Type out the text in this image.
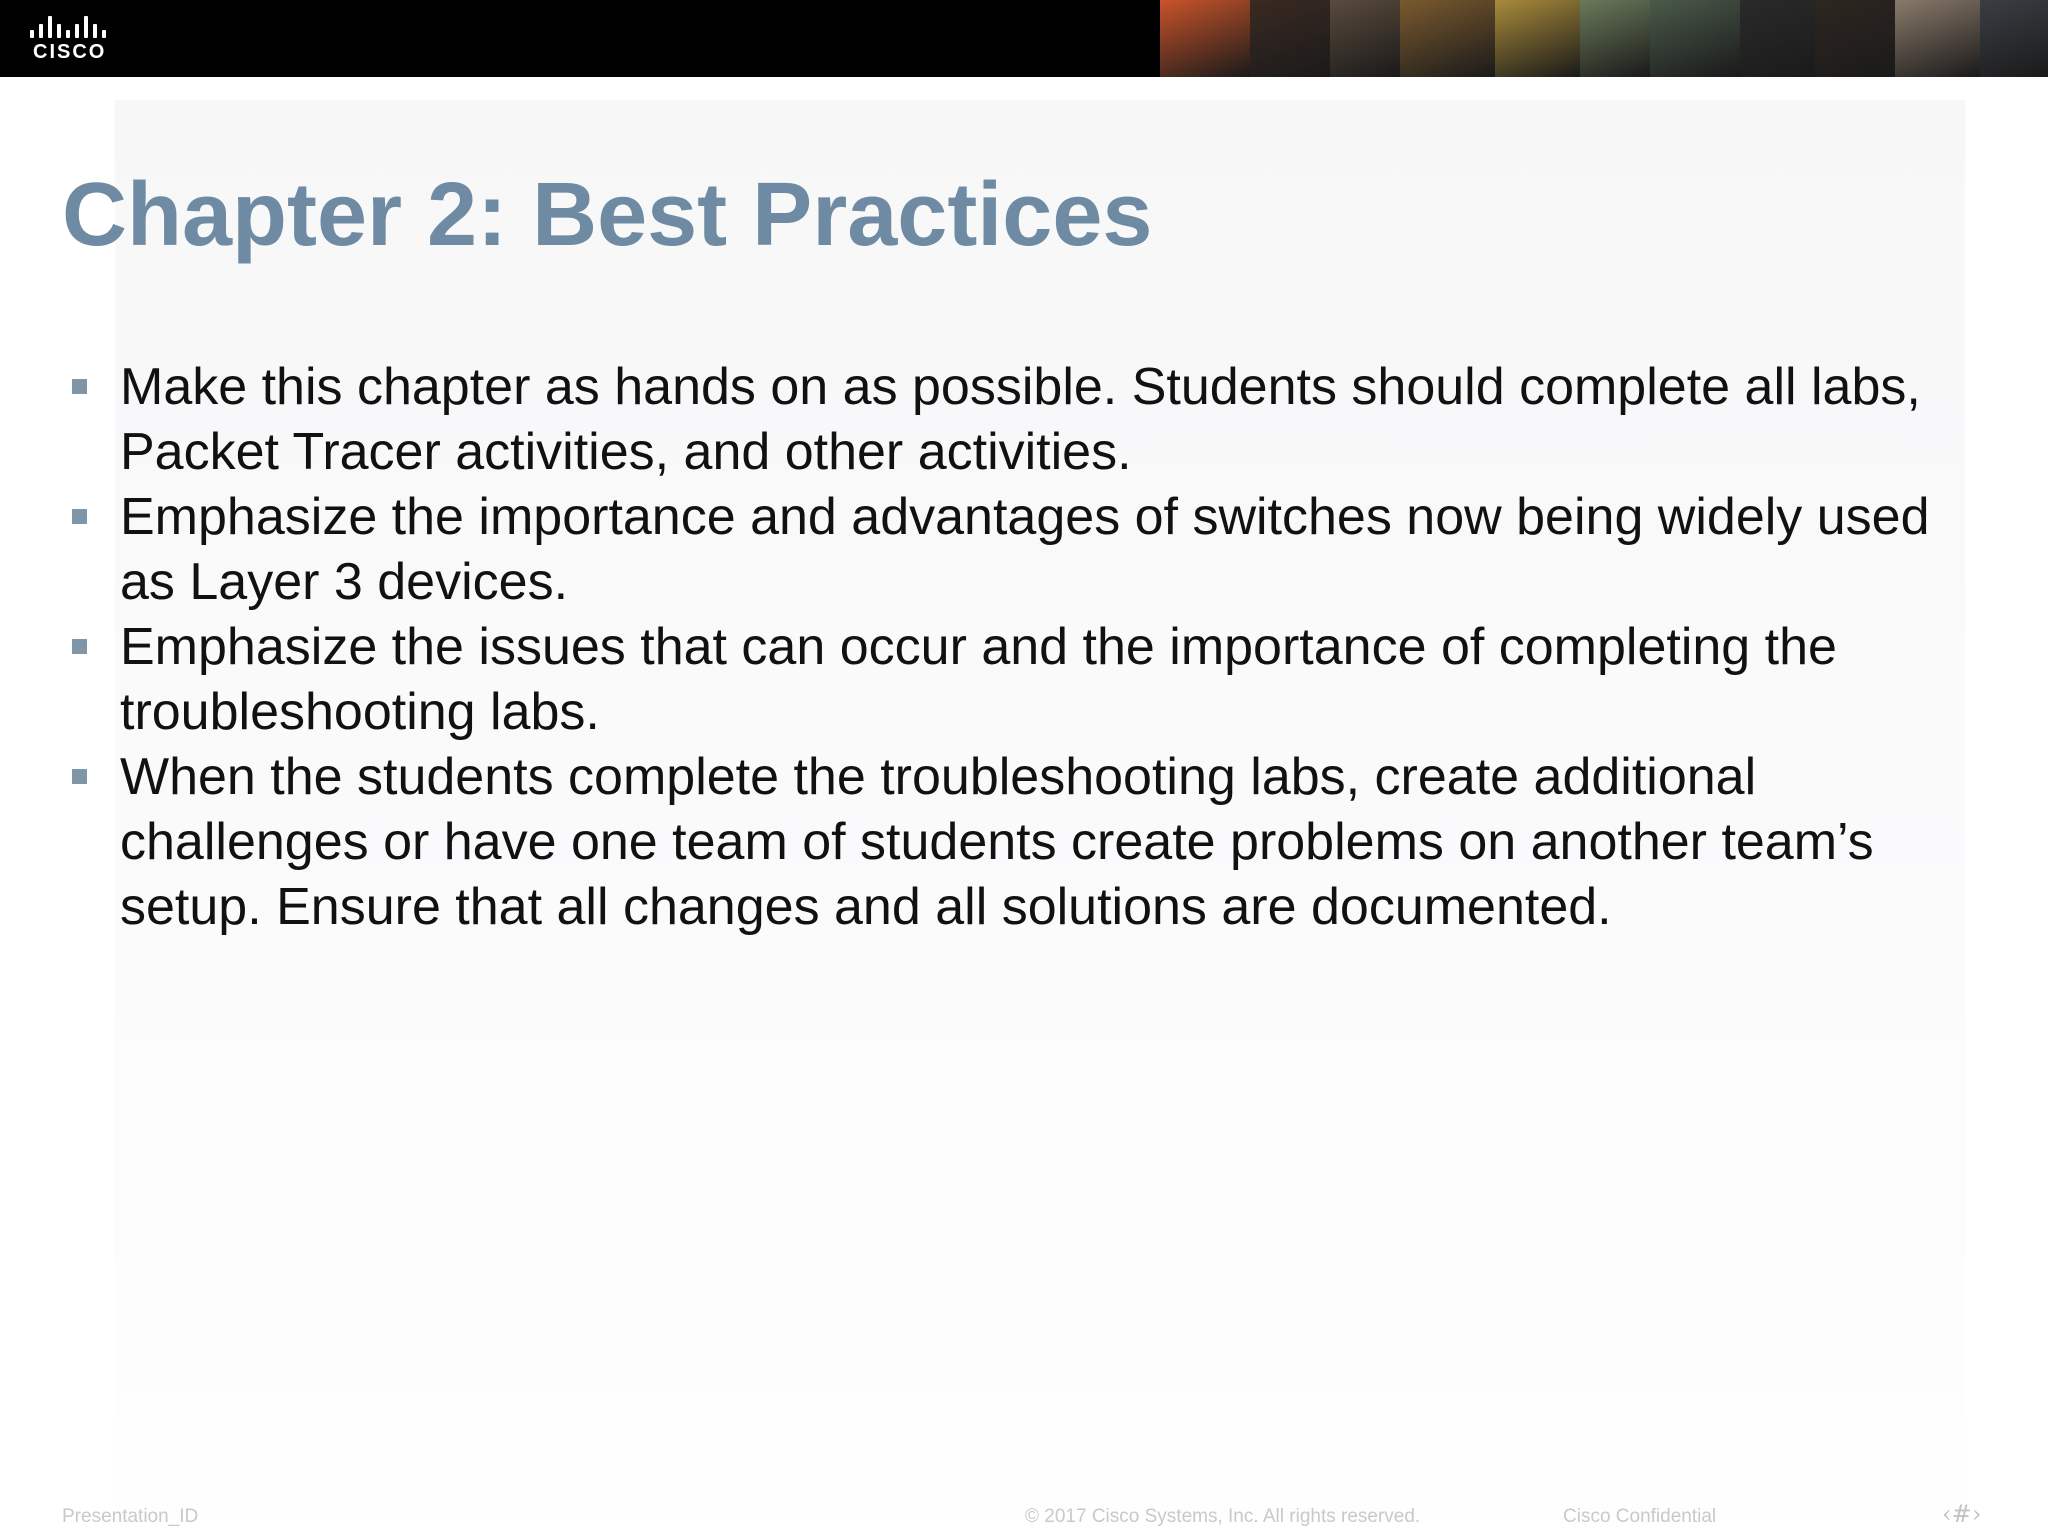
CISCO
Chapter 2: Best Practices
Make this chapter as hands on as possible. Students should complete all labs, Packet Tracer activities, and other activities.
Emphasize the importance and advantages of switches now being widely used as Layer 3 devices.
Emphasize the issues that can occur and the importance of completing the troubleshooting labs.
When the students complete the troubleshooting labs, create additional challenges or have one team of students create problems on another team’s setup. Ensure that all changes and all solutions are documented.
Presentation_ID	© 2017 Cisco Systems, Inc. All rights reserved.	Cisco Confidential	‹#›
